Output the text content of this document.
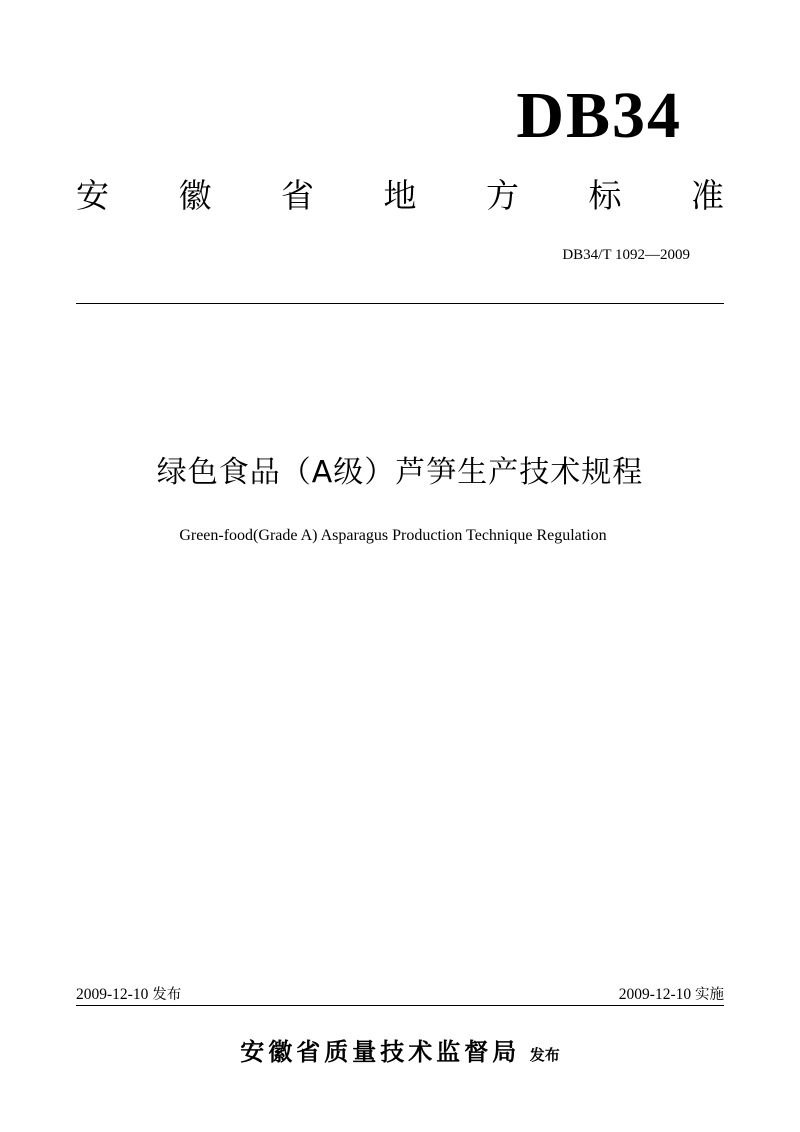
DB34
安 徽 省 地 方 标 准
DB34/T 1092—2009
绿色食品（A级）芦笋生产技术规程
Green-food(Grade A) Asparagus Production Technique Regulation
2009-12-10 发布	2009-12-10 实施
安徽省质量技术监督局 发布
